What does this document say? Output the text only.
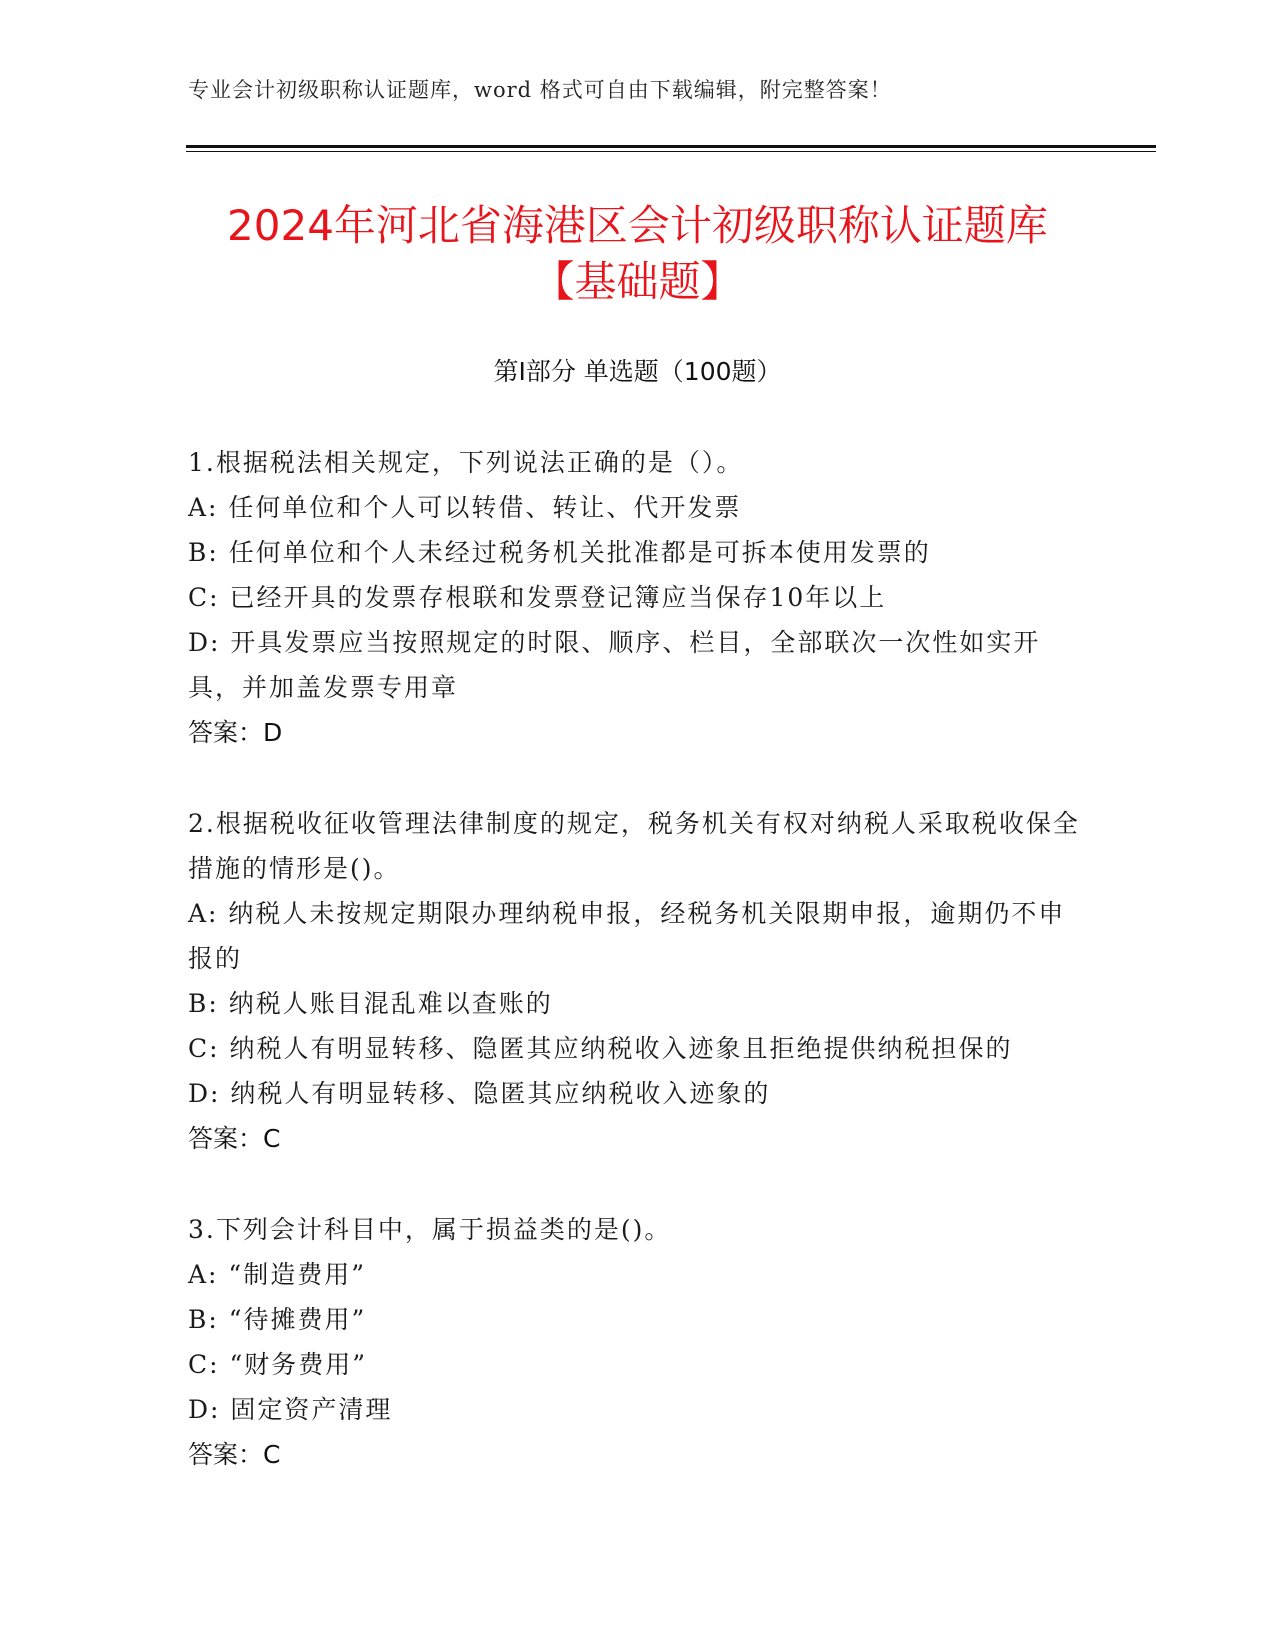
专业会计初级职称认证题库，word 格式可自由下载编辑，附完整答案！
2024年河北省海港区会计初级职称认证题库
【基础题】
第Ⅰ部分 单选题（100题）
1.根据税法相关规定，下列说法正确的是（）。
A: 任何单位和个人可以转借、转让、代开发票
B: 任何单位和个人未经过税务机关批准都是可拆本使用发票的
C: 已经开具的发票存根联和发票登记簿应当保存10年以上
D: 开具发票应当按照规定的时限、顺序、栏目，全部联次一次性如实开具，并加盖发票专用章
答案：D
2.根据税收征收管理法律制度的规定，税务机关有权对纳税人采取税收保全措施的情形是()。
A: 纳税人未按规定期限办理纳税申报，经税务机关限期申报，逾期仍不申报的
B: 纳税人账目混乱难以查账的
C: 纳税人有明显转移、隐匿其应纳税收入迹象且拒绝提供纳税担保的
D: 纳税人有明显转移、隐匿其应纳税收入迹象的
答案：C
3.下列会计科目中，属于损益类的是()。
A: “制造费用”
B: “待摊费用”
C: “财务费用”
D: 固定资产清理
答案：C
